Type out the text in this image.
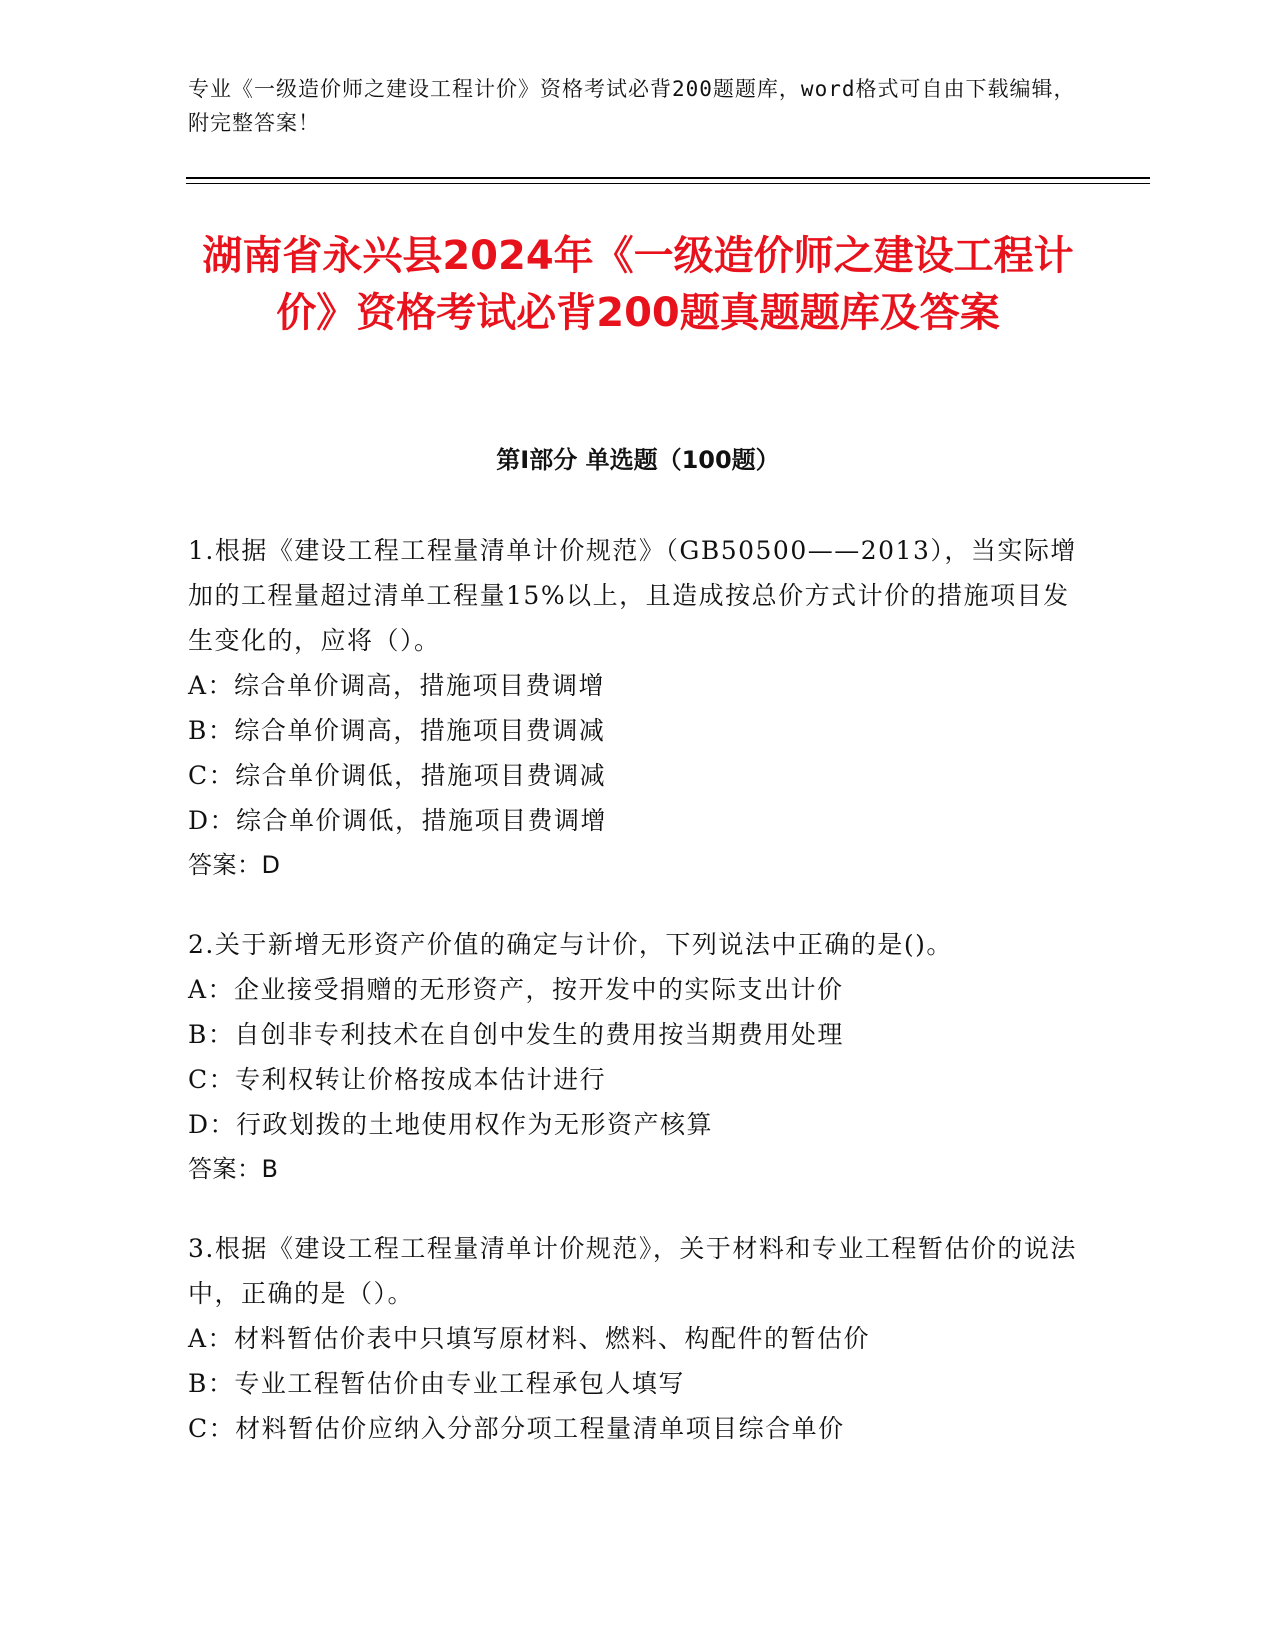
专业《一级造价师之建设工程计价》资格考试必背200题题库，word格式可自由下载编辑，附完整答案！
湖南省永兴县2024年《一级造价师之建设工程计价》资格考试必背200题真题题库及答案
第Ⅰ部分 单选题（100题）
1.根据《建设工程工程量清单计价规范》（GB50500——2013），当实际增加的工程量超过清单工程量15%以上，且造成按总价方式计价的措施项目发生变化的，应将（）。
A：综合单价调高，措施项目费调增
B：综合单价调高，措施项目费调减
C：综合单价调低，措施项目费调减
D：综合单价调低，措施项目费调增
答案：D
2.关于新增无形资产价值的确定与计价，下列说法中正确的是()。
A：企业接受捐赠的无形资产，按开发中的实际支出计价
B：自创非专利技术在自创中发生的费用按当期费用处理
C：专利权转让价格按成本估计进行
D：行政划拨的土地使用权作为无形资产核算
答案：B
3.根据《建设工程工程量清单计价规范》，关于材料和专业工程暂估价的说法中，正确的是（）。
A：材料暂估价表中只填写原材料、燃料、构配件的暂估价
B：专业工程暂估价由专业工程承包人填写
C：材料暂估价应纳入分部分项工程量清单项目综合单价
